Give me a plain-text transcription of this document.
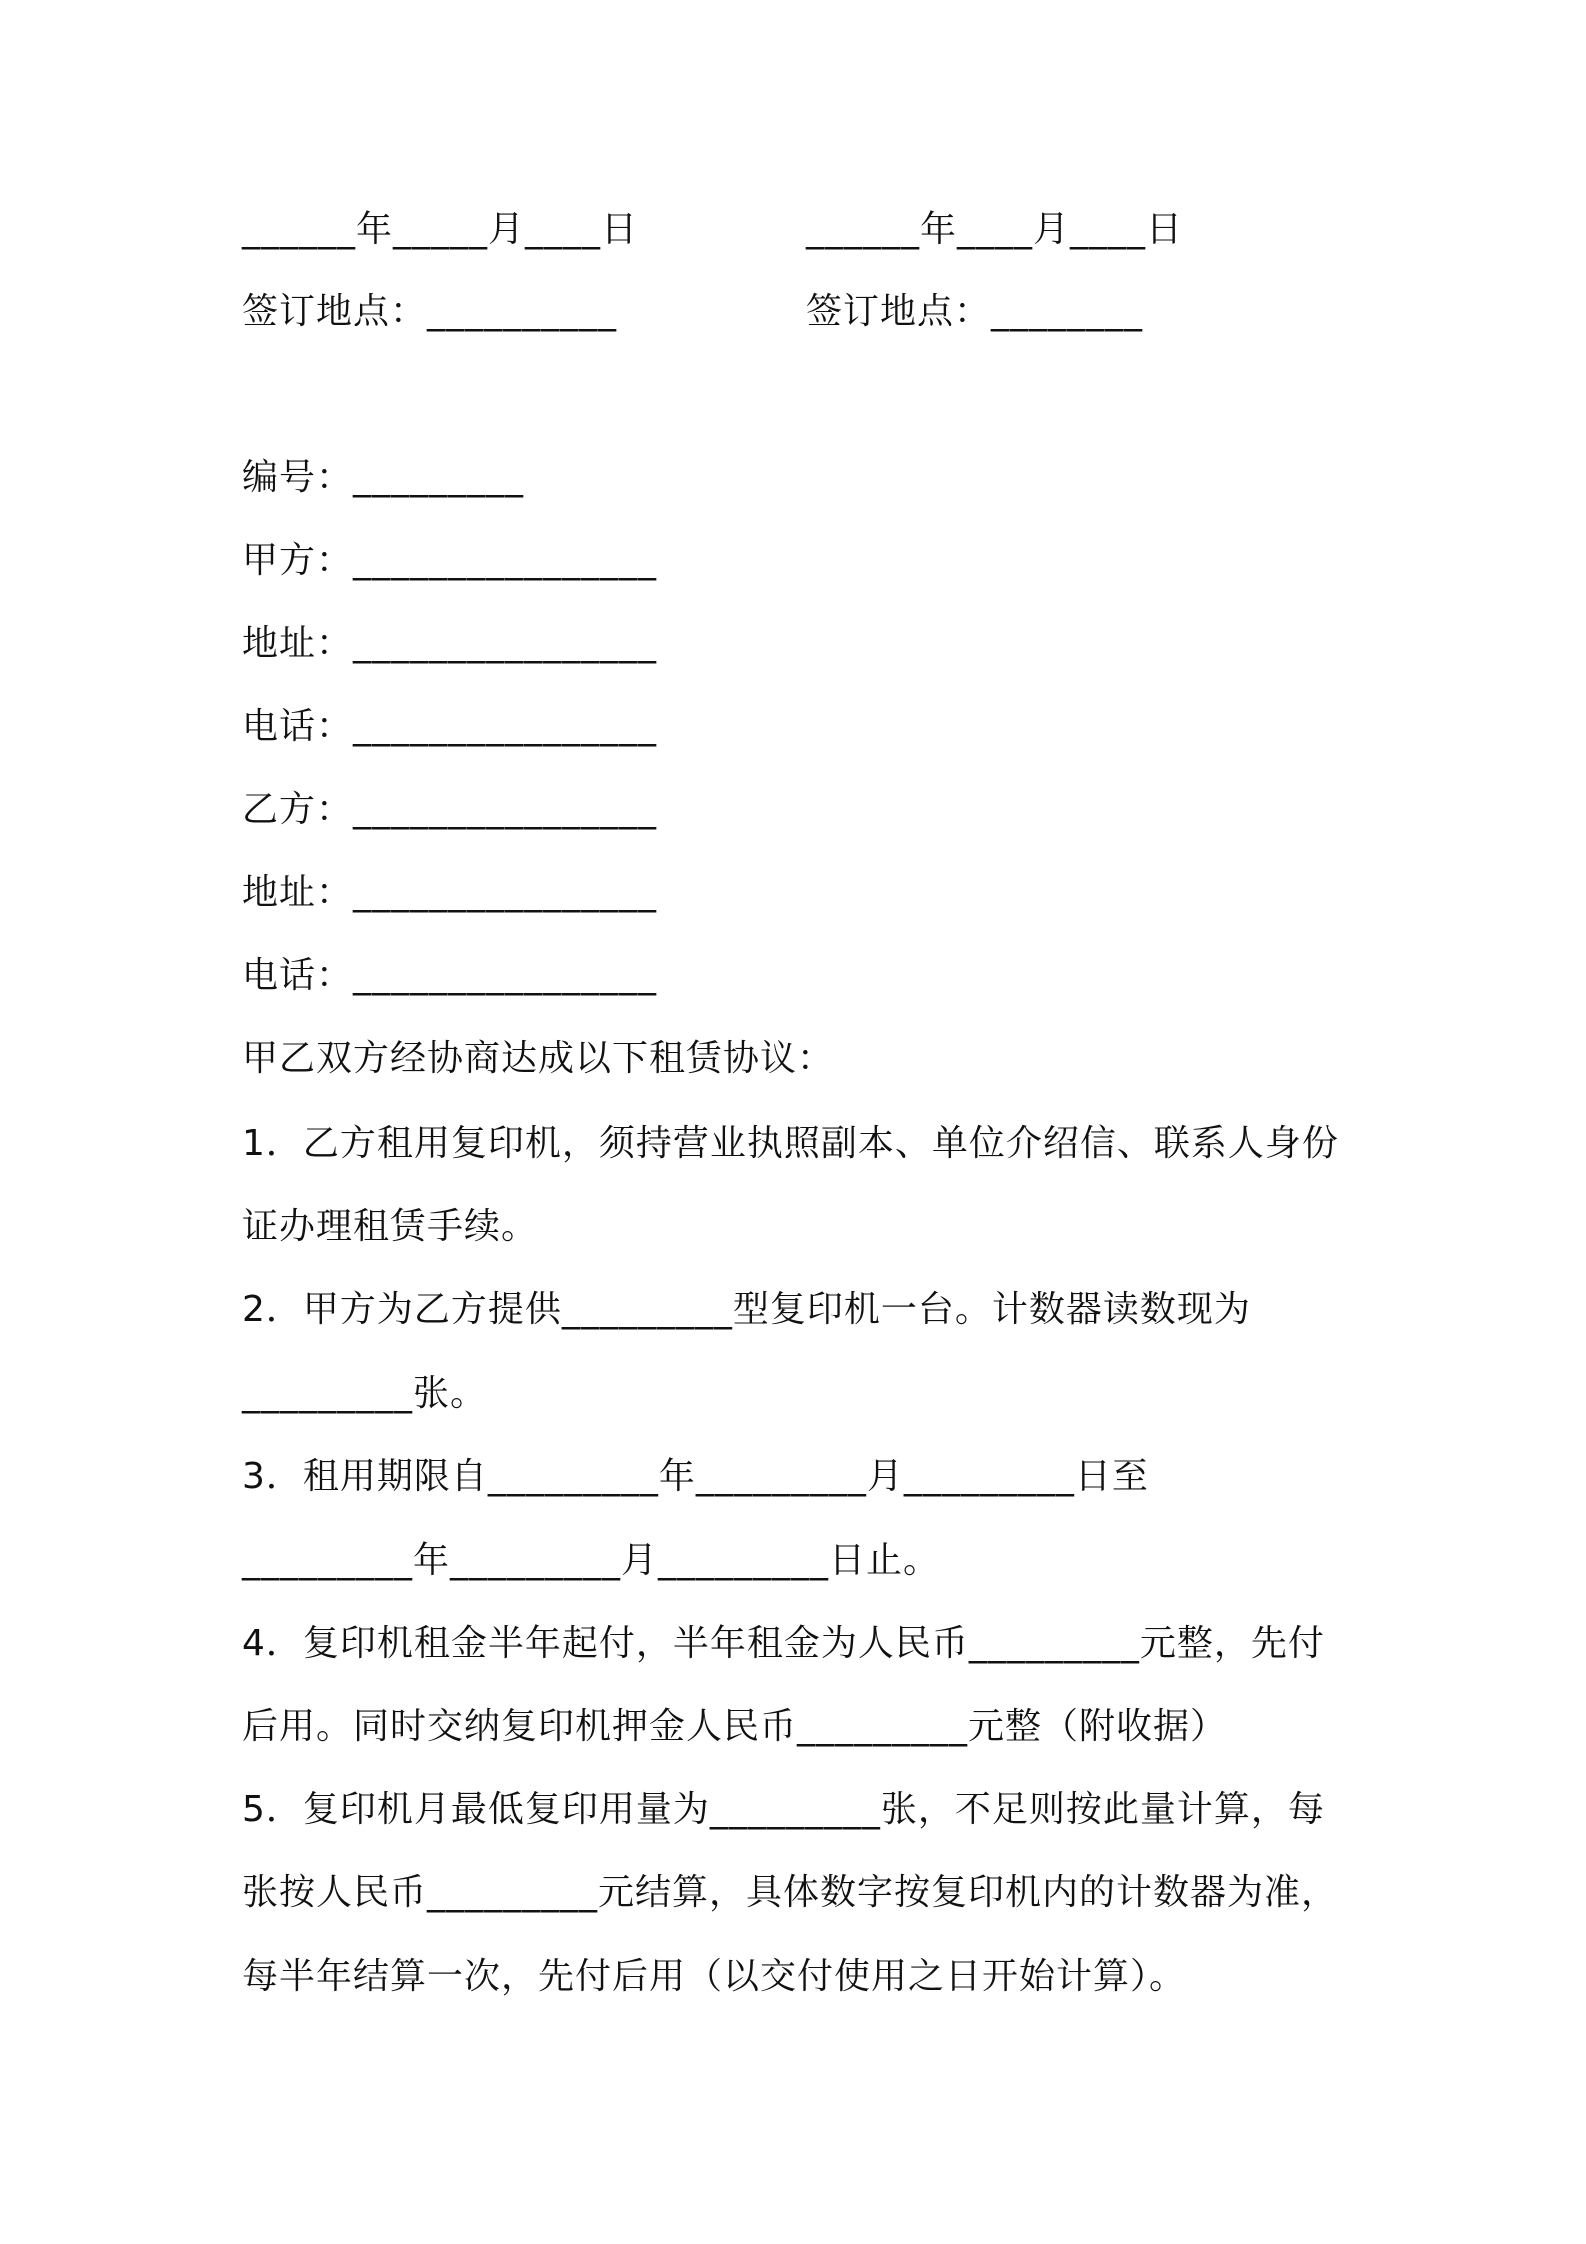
______年_____月____日	______年____月____日
签订地点：__________	签订地点：________
编号：_________
甲方：________________
地址：________________
电话：________________
乙方：________________
地址：________________
电话：________________
甲乙双方经协商达成以下租赁协议：
1．乙方租用复印机，须持营业执照副本、单位介绍信、联系人身份
证办理租赁手续。
2．甲方为乙方提供_________型复印机一台。计数器读数现为
_________张。
3．租用期限自_________年_________月_________日至
_________年_________月_________日止。
4．复印机租金半年起付，半年租金为人民币_________元整，先付
后用。同时交纳复印机押金人民币_________元整（附收据）
5．复印机月最低复印用量为_________张，不足则按此量计算，每
张按人民币_________元结算，具体数字按复印机内的计数器为准，
每半年结算一次，先付后用（以交付使用之日开始计算）。
